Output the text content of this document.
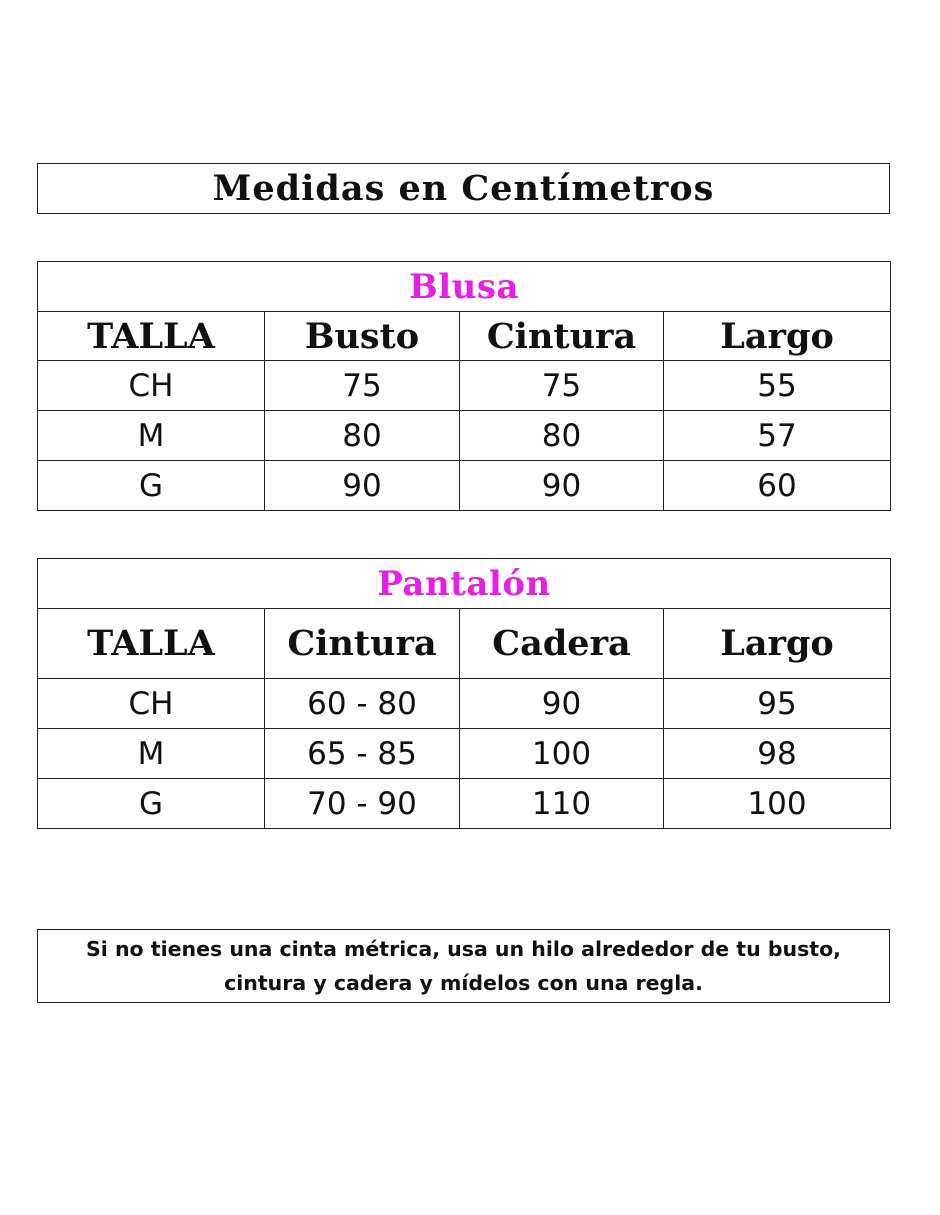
Medidas en Centímetros
Blusa			
TALLA	Busto	Cintura	Largo
CH	75	75	55
M	80	80	57
G	90	90	60
Pantalón			
TALLA	Cintura	Cadera	Largo
CH	60 - 80	90	95
M	65 - 85	100	98
G	70 - 90	110	100
Si no tienes una cinta métrica, usa un hilo alrededor de tu busto,
cintura y cadera y mídelos con una regla.
